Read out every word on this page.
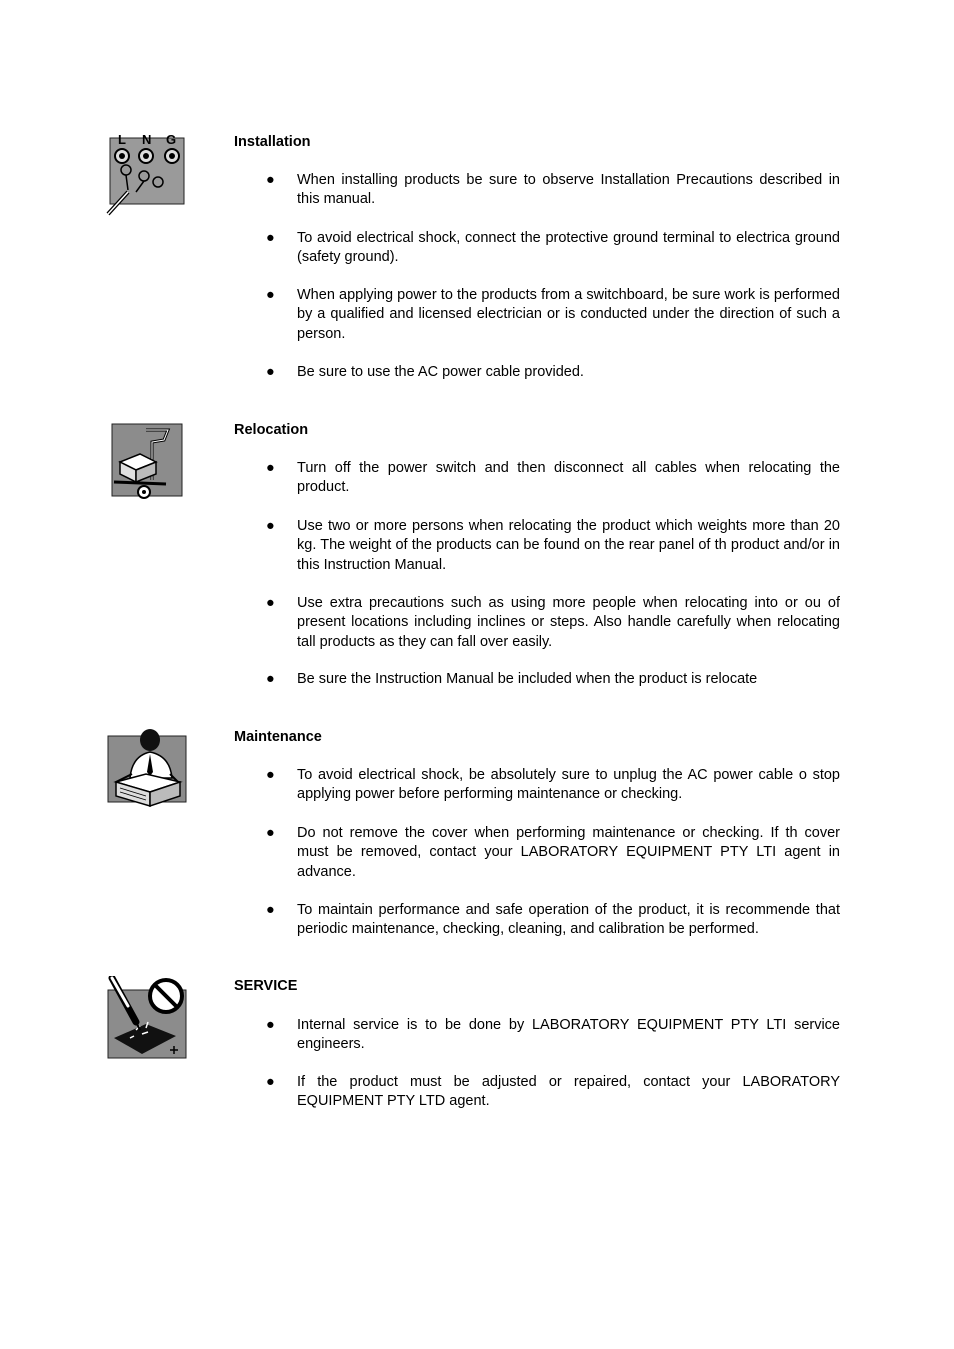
L N G	Installation

●	When installing products be sure to observe Installation Precautions described in this manual.
●	To avoid electrical shock, connect the protective ground terminal to electrica ground (safety ground).
●	When applying power to the products from a switchboard, be sure work is performed by a qualified and licensed electrician or is conducted under the direction of such a person.
●	Be sure to use the AC power cable provided.

Relocation

●	Turn off the power switch and then disconnect all cables when relocating the product.
●	Use two or more persons when relocating the product which weights more than 20 kg. The weight of the products can be found on the rear panel of th product and/or in this Instruction Manual.
●	Use extra precautions such as using more people when relocating into or ou of present locations including inclines or steps. Also handle carefully when relocating tall products as they can fall over easily.
●	Be sure the Instruction Manual be included when the product is relocate

Maintenance

●	To avoid electrical shock, be absolutely sure to unplug the AC power cable o stop applying power before performing maintenance or checking.
●	Do not remove the cover when performing maintenance or checking. If th cover must be removed, contact your LABORATORY EQUIPMENT PTY LTI agent in advance.
●	To maintain performance and safe operation of the product, it is recommende that periodic maintenance, checking, cleaning, and calibration be performed.

SERVICE

●	Internal service is to be done by LABORATORY EQUIPMENT PTY LTI service engineers.
●	If the product must be adjusted or repaired, contact your LABORATORY EQUIPMENT PTY LTD agent.
